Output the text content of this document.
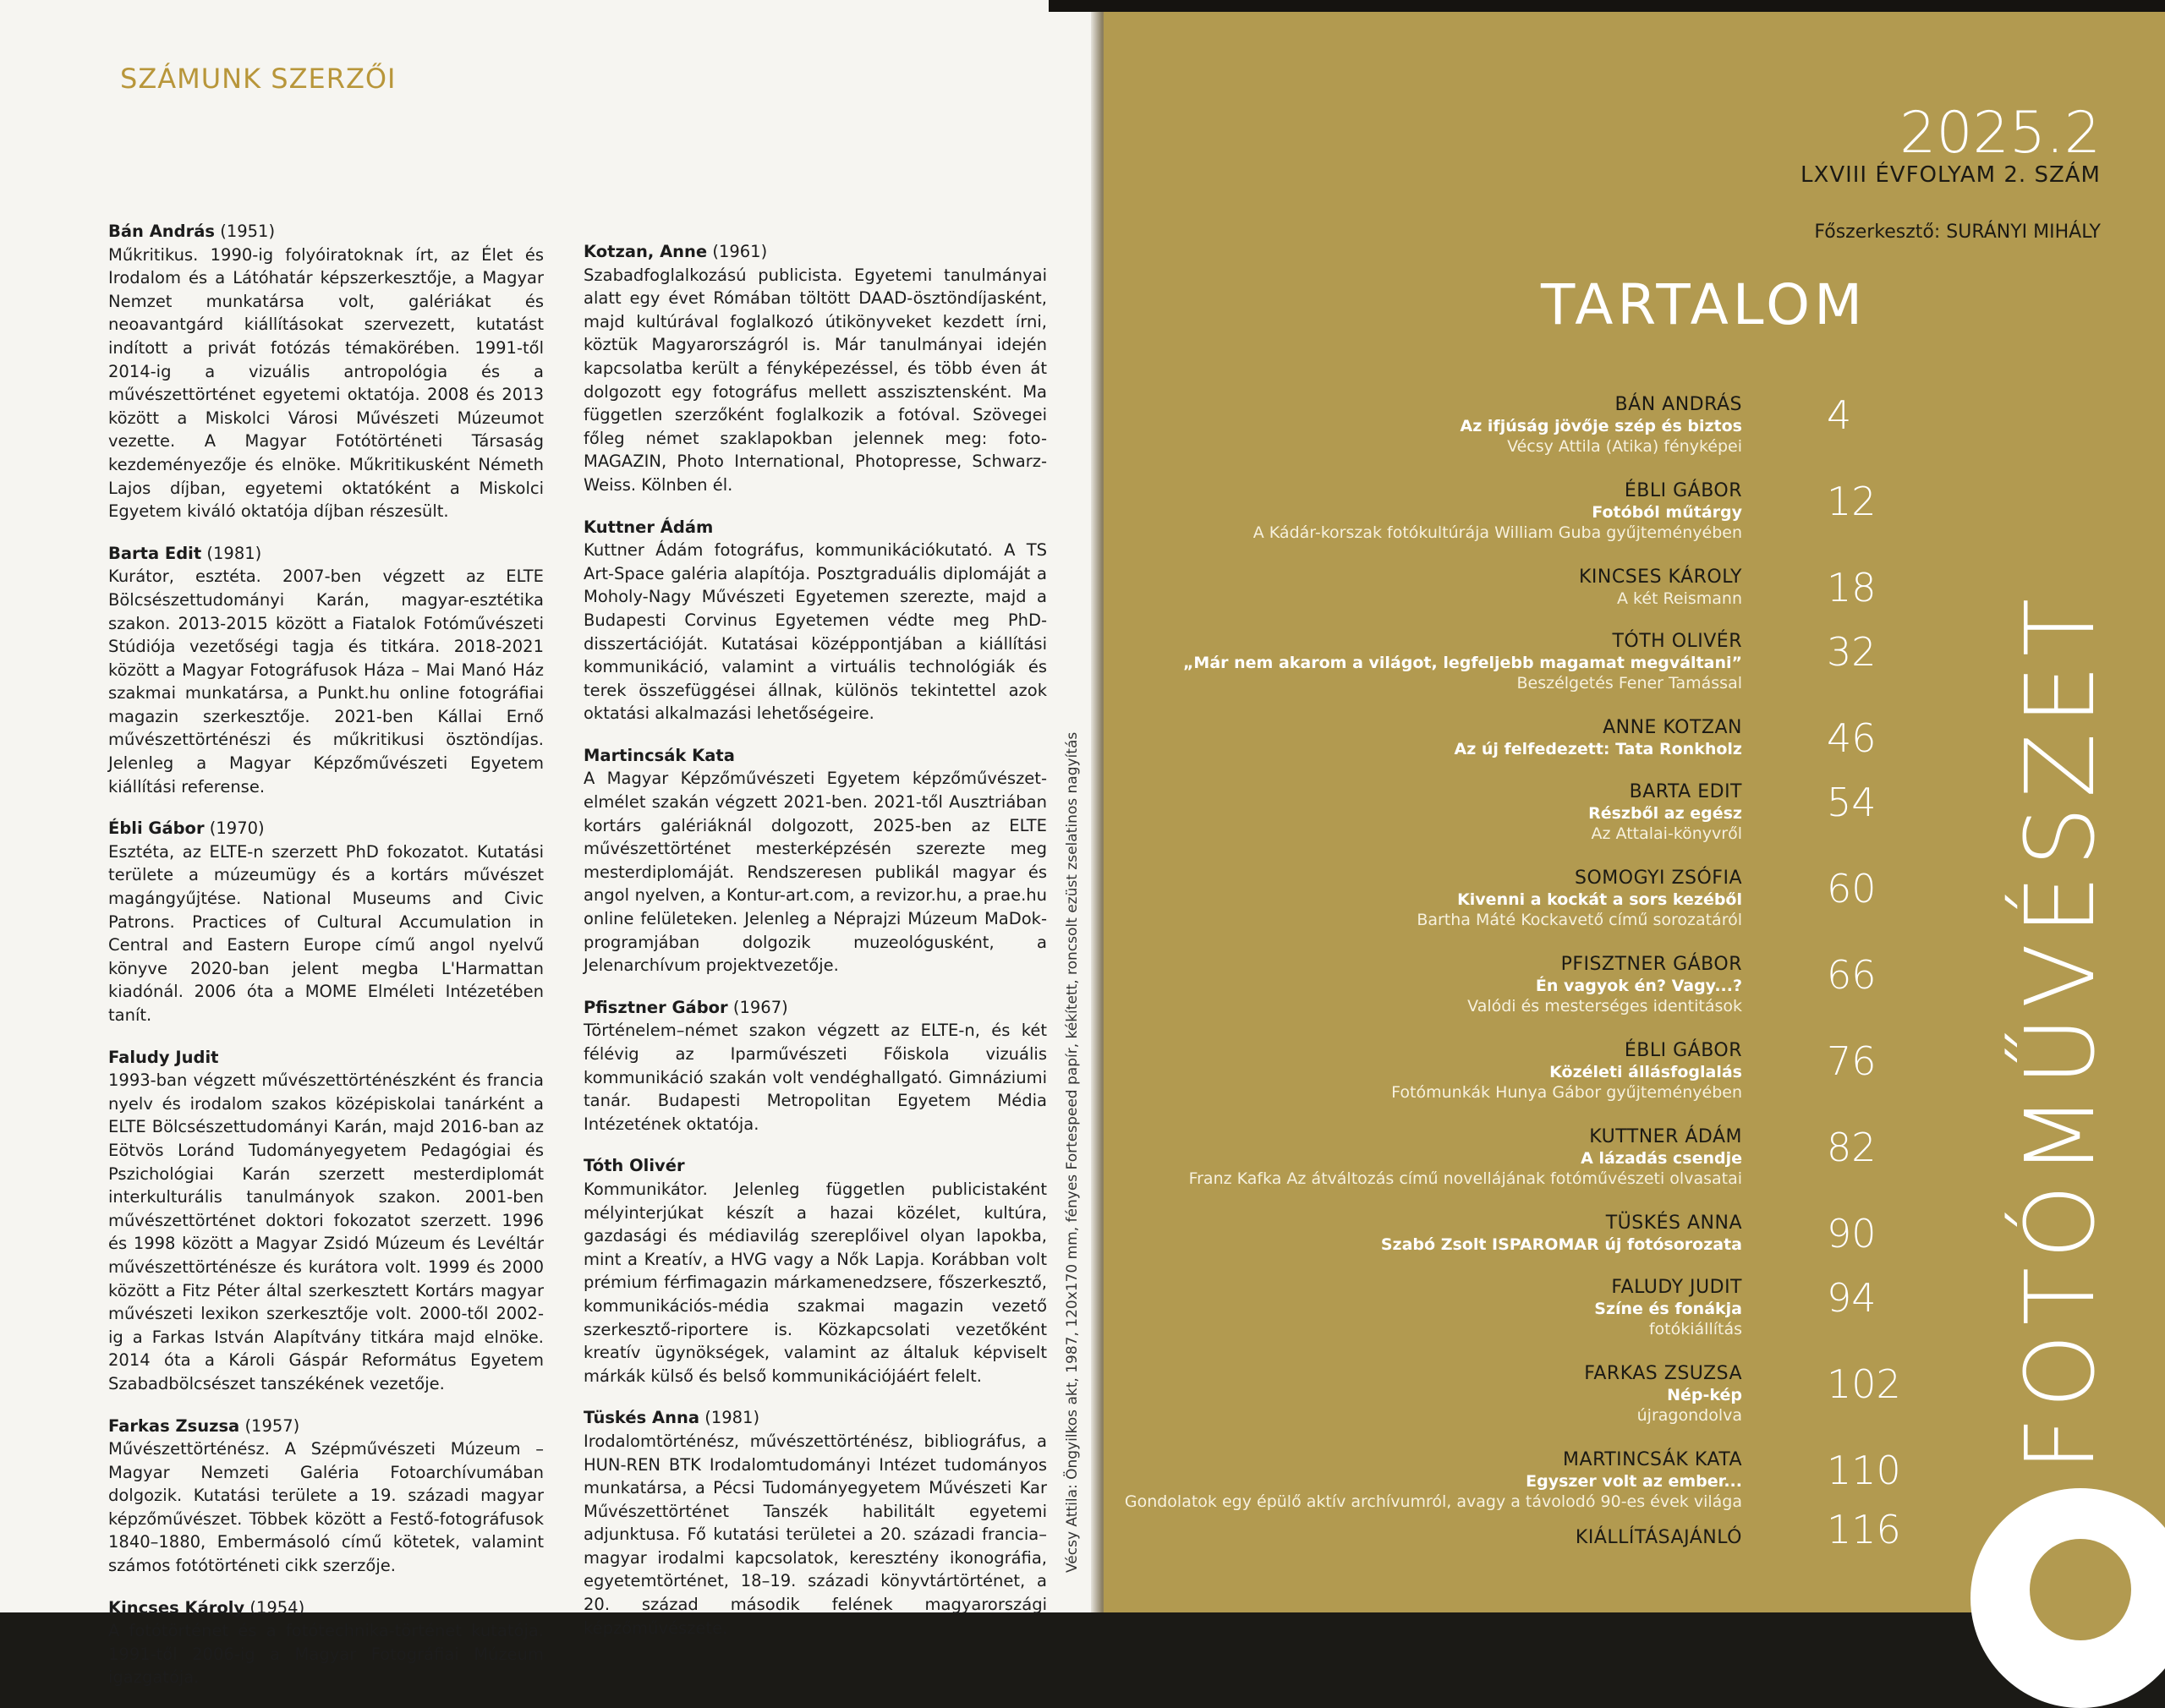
SZÁMUNK SZERZŐI
Bán András (1951)
Műkritikus. 1990-ig folyóiratoknak írt, az Élet és Irodalom és a Látóhatár képszerkesztője, a Magyar Nemzet munkatársa volt, galériákat és neoavantgárd kiállításokat szervezett, kutatást indított a privát fotózás témakörében. 1991-től 2014-ig a vizuális antropológia és a művészettörténet egyetemi oktatója. 2008 és 2013 között a Miskolci Városi Művészeti Múzeumot vezette. A Magyar Fotótörténeti Társaság kezdeményezője és elnöke. Műkritikusként Németh Lajos díjban, egyetemi oktatóként a Miskolci Egyetem kiváló oktatója díjban részesült.
Barta Edit (1981)
Kurátor, esztéta. 2007-ben végzett az ELTE Bölcsészettudományi Karán, magyar-esztétika szakon. 2013-2015 között a Fiatalok Fotóművészeti Stúdiója vezetőségi tagja és titkára. 2018-2021 között a Magyar Fotográfusok Háza – Mai Manó Ház szakmai munkatársa, a Punkt.hu online fotográfiai magazin szerkesztője. 2021-ben Kállai Ernő művészettörténészi és műkritikusi ösztöndíjas. Jelenleg a Magyar Képzőművészeti Egyetem kiállítási referense.
Ébli Gábor (1970)
Esztéta, az ELTE-n szerzett PhD fokozatot. Kutatási területe a múzeumügy és a kortárs művészet magángyűjtése. National Museums and Civic Patrons. Practices of Cultural Accumulation in Central and Eastern Europe című angol nyelvű könyve 2020-ban jelent megba L'Harmattan kiadónál. 2006 óta a MOME Elméleti Intézetében tanít.
Faludy Judit
1993-ban végzett művészettörténészként és francia nyelv és irodalom szakos középiskolai tanárként a ELTE Bölcsészettudományi Karán, majd 2016-ban az Eötvös Loránd Tudományegyetem Pedagógiai és Pszichológiai Karán szerzett mesterdiplomát interkulturális tanulmányok szakon. 2001-ben művészettörténet doktori fokozatot szerzett. 1996 és 1998 között a Magyar Zsidó Múzeum és Levéltár művészettörténésze és kurátora volt. 1999 és 2000 között a Fitz Péter által szerkesztett Kortárs magyar művészeti lexikon szerkesztője volt. 2000-től 2002-ig a Farkas István Alapítvány titkára majd elnöke. 2014 óta a Károli Gáspár Református Egyetem Szabadbölcsészet tanszékének vezetője.
Farkas Zsuzsa (1957)
Művészettörténész. A Szépművészeti Múzeum – Magyar Nemzeti Galéria Fotoarchívumában dolgozik. Kutatási területe a 19. századi magyar képzőművészet. Többek között a Festő-fotográfusok 1840–1880, Embermásoló című kötetek, valamint számos fotótörténeti cikk szerzője.
Kincses Károly (1954)
A fotótörténet és a fotótechnika-történet kutatója. 1991-től 2006-ig a Magyar Fotográfiai Múzeum igazgatója.
Kotzan, Anne (1961)
Szabadfoglalkozású publicista. Egyetemi tanulmányai alatt egy évet Rómában töltött DAAD-ösztöndíjasként, majd kultúrával foglalkozó útikönyveket kezdett írni, köztük Magyarországról is. Már tanulmányai idején kapcsolatba került a fényképezéssel, és több éven át dolgozott egy fotográfus mellett asszisztensként. Ma független szerzőként foglalkozik a fotóval. Szövegei főleg német szaklapokban jelennek meg: foto-MAGAZIN, Photo International, Photopresse, Schwarz-Weiss. Kölnben él.
Kuttner Ádám
Kuttner Ádám fotográfus, kommunikációkutató. A TS Art-Space galéria alapítója. Posztgraduális diplomáját a Moholy-Nagy Művészeti Egyetemen szerezte, majd a Budapesti Corvinus Egyetemen védte meg PhD-disszertációját. Kutatásai középpontjában a kiállítási kommunikáció, valamint a virtuális technológiák és terek összefüggései állnak, különös tekintettel azok oktatási alkalmazási lehetőségeire.
Martincsák Kata
A Magyar Képzőművészeti Egyetem képzőművészet-elmélet szakán végzett 2021-ben. 2021-től Ausztriában kortárs galériáknál dolgozott, 2025-ben az ELTE művészettörténet mesterképzésén szerezte meg mesterdiplomáját. Rendszeresen publikál magyar és angol nyelven, a Kontur-art.com, a revizor.hu, a prae.hu online felületeken. Jelenleg a Néprajzi Múzeum MaDok-programjában dolgozik muzeológusként, a Jelenarchívum projektvezetője.
Pfisztner Gábor (1967)
Történelem–német szakon végzett az ELTE-n, és két félévig az Iparművészeti Főiskola vizuális kommunikáció szakán volt vendéghallgató. Gimnáziumi tanár. Budapesti Metropolitan Egyetem Média Intézetének oktatója.
Tóth Olivér
Kommunikátor. Jelenleg független publicistaként mélyinterjúkat készít a hazai közélet, kultúra, gazdasági és médiavilág szereplőivel olyan lapokba, mint a Kreatív, a HVG vagy a Nők Lapja. Korábban volt prémium férfimagazin márkamenedzsere, főszerkesztő, kommunikációs-média szakmai magazin vezető szerkesztő-riportere is. Közkapcsolati vezetőként kreatív ügynökségek, valamint az általuk képviselt márkák külső és belső kommunikációjáért felelt.
Tüskés Anna (1981)
Irodalomtörténész, művészettörténész, bibliográfus, a HUN-REN BTK Irodalomtudományi Intézet tudományos munkatársa, a Pécsi Tudományegyetem Művészeti Kar Művészettörténet Tanszék habilitált egyetemi adjunktusa. Fő kutatási területei a 20. századi francia–magyar irodalmi kapcsolatok, keresztény ikonográfia, egyetemtörténet, 18–19. századi könyvtártörténet, a 20. század második felének magyarországi képzőművészete.
Vécsy Attila: Öngyilkos akt, 1987, 120x170 mm, fényes Fortespeed papír, kékített, roncsolt ezüst zselatinos nagyítás
2025.2
LXVIII ÉVFOLYAM 2. SZÁM
Főszerkesztő: SURÁNYI MIHÁLY
TARTALOM
BÁN ANDRÁS
Az ifjúság jövője szép és biztos
Vécsy Attila (Atika) fényképei
4
ÉBLI GÁBOR
Fotóból műtárgy
A Kádár-korszak fotókultúrája William Guba gyűjteményében
12
KINCSES KÁROLY
A két Reismann 18
TÓTH OLIVÉR
„Már nem akarom a világot, legfeljebb magamat megváltani”
Beszélgetés Fener Tamással
32
ANNE KOTZAN
Az új felfedezett: Tata Ronkholz 46
BARTA EDIT
Részből az egész
Az Attalai-könyvről
54
SOMOGYI ZSÓFIA
Kivenni a kockát a sors kezéből
Bartha Máté Kockavető című sorozatáról
60
PFISZTNER GÁBOR
Én vagyok én? Vagy...?
Valódi és mesterséges identitások
66
ÉBLI GÁBOR
Közéleti állásfoglalás
Fotómunkák Hunya Gábor gyűjteményében
76
KUTTNER ÁDÁM
A lázadás csendje
Franz Kafka Az átváltozás című novellájának fotóművészeti olvasatai
82
TÜSKÉS ANNA
Szabó Zsolt ISPAROMAR új fotósorozata 90
FALUDY JUDIT
Színe és fonákja
fotókiállítás
94
FARKAS ZSUZSA
Nép-kép
újragondolva
102
MARTINCSÁK KATA
Egyszer volt az ember...
Gondolatok egy épülő aktív archívumról, avagy a távolodó 90-es évek világa
110
KIÁLLÍTÁSAJÁNLÓ 116
FOTÓMŰVÉSZET
